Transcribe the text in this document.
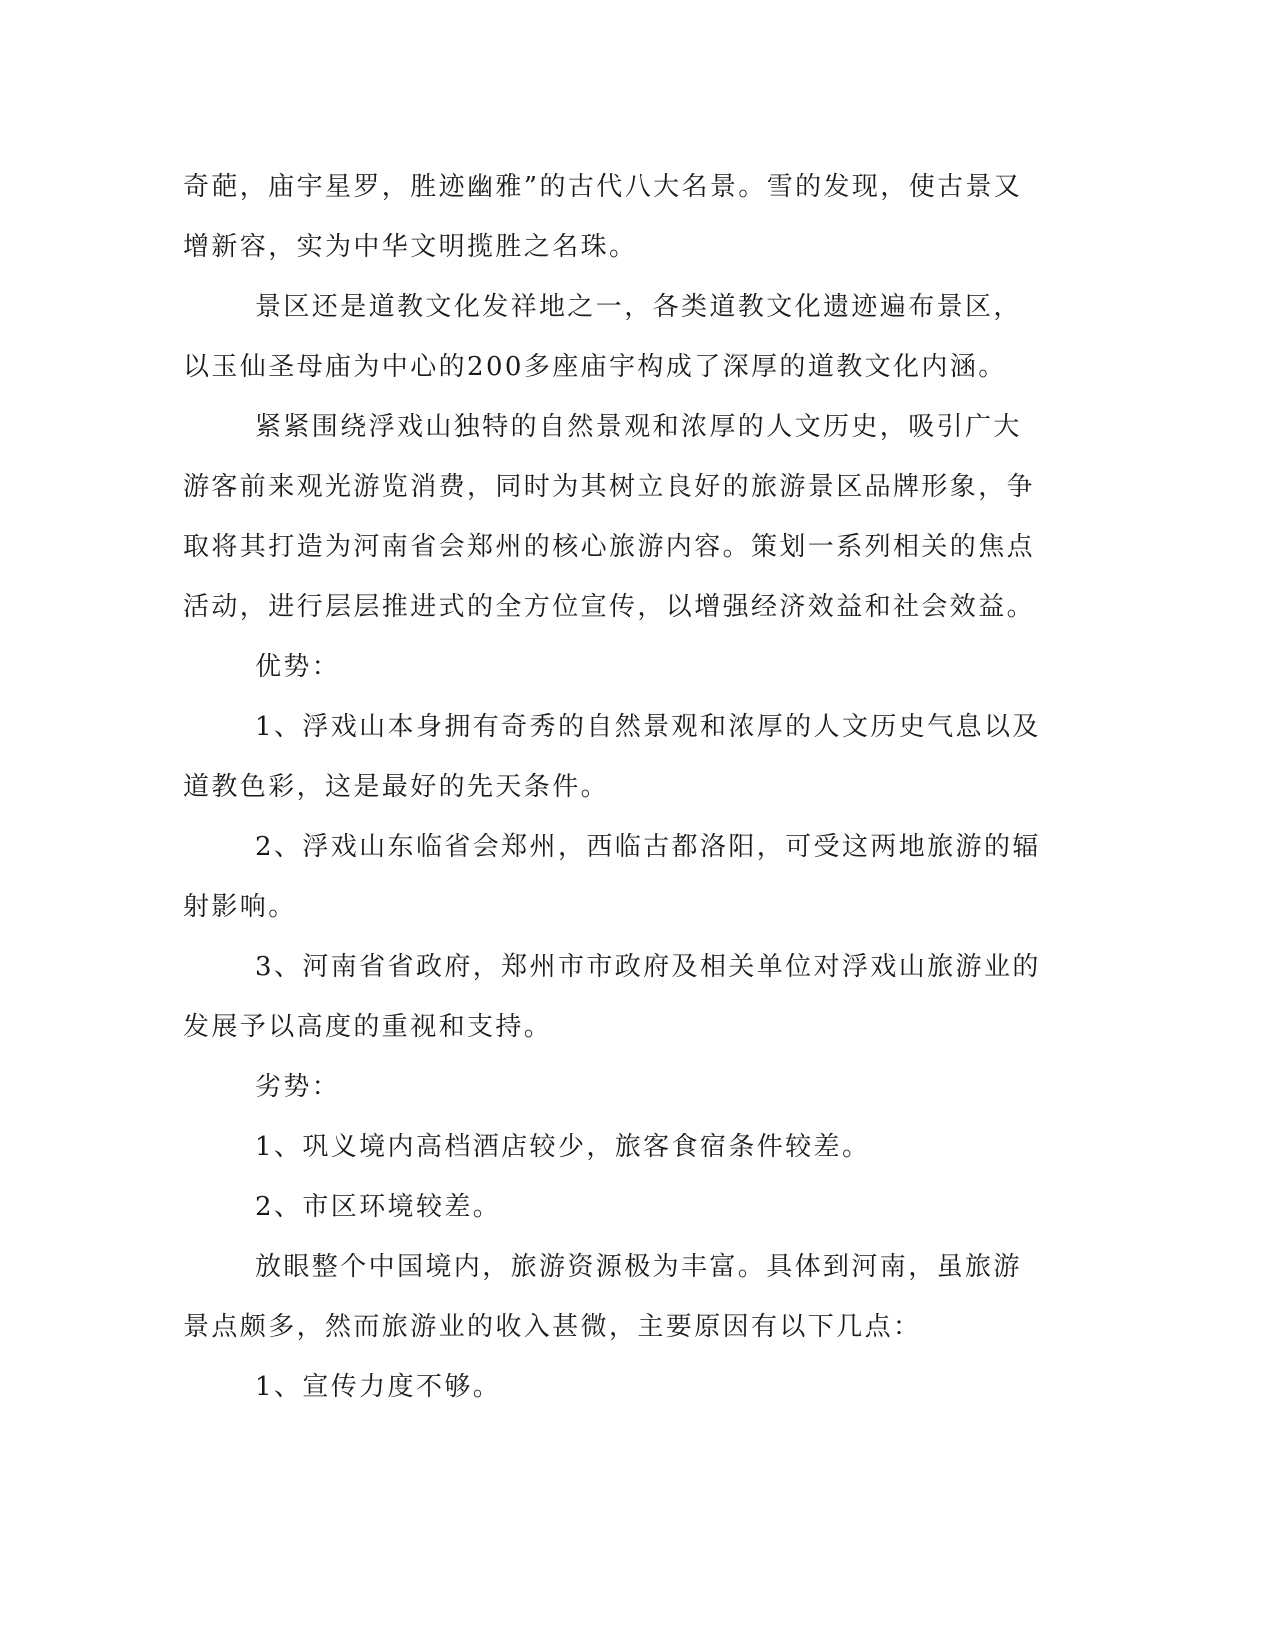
奇葩，庙宇星罗，胜迹幽雅”的古代八大名景。雪的发现，使古景又增新容，实为中华文明揽胜之名珠。

景区还是道教文化发祥地之一，各类道教文化遗迹遍布景区，以玉仙圣母庙为中心的200多座庙宇构成了深厚的道教文化内涵。

紧紧围绕浮戏山独特的自然景观和浓厚的人文历史，吸引广大游客前来观光游览消费，同时为其树立良好的旅游景区品牌形象，争取将其打造为河南省会郑州的核心旅游内容。策划一系列相关的焦点活动，进行层层推进式的全方位宣传，以增强经济效益和社会效益。

优势：

1、浮戏山本身拥有奇秀的自然景观和浓厚的人文历史气息以及道教色彩，这是最好的先天条件。

2、浮戏山东临省会郑州，西临古都洛阳，可受这两地旅游的辐射影响。

3、河南省省政府，郑州市市政府及相关单位对浮戏山旅游业的发展予以高度的重视和支持。

劣势：

1、巩义境内高档酒店较少，旅客食宿条件较差。

2、市区环境较差。

放眼整个中国境内，旅游资源极为丰富。具体到河南，虽旅游景点颇多，然而旅游业的收入甚微，主要原因有以下几点：

1、宣传力度不够。
